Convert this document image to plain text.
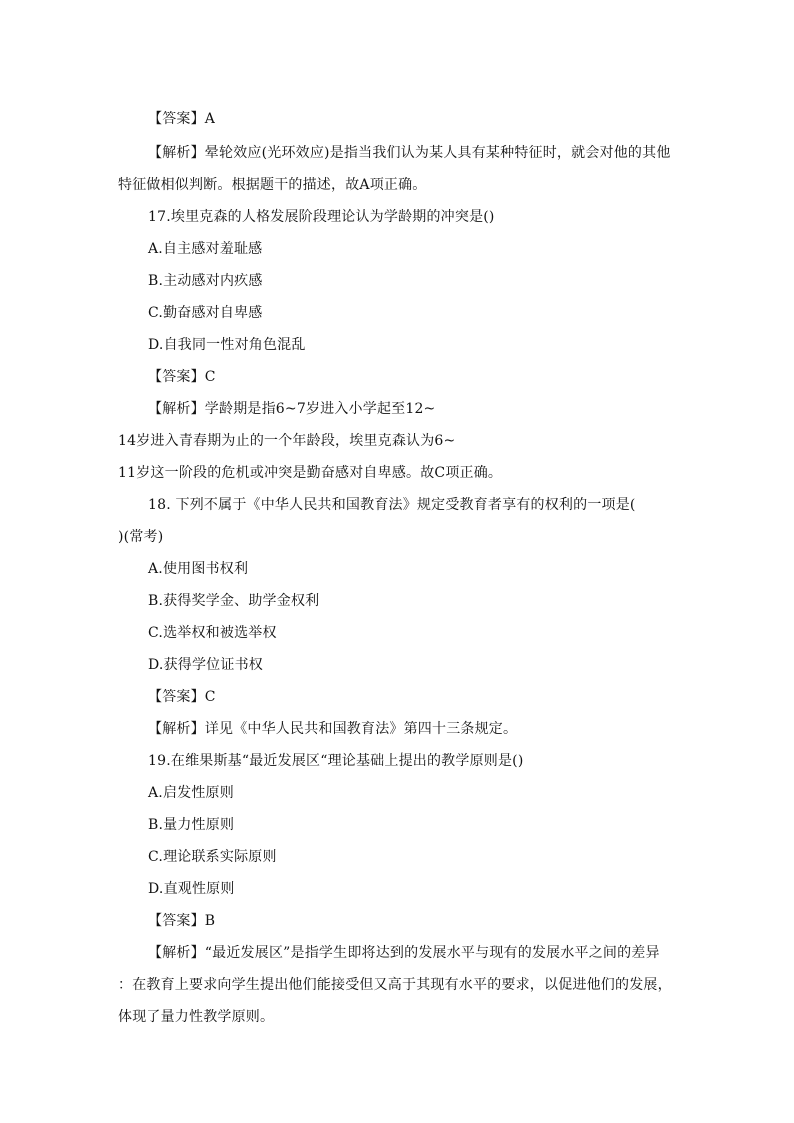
【答案】A
【解析】晕轮效应(光环效应)是指当我们认为某人具有某种特征时，就会对他的其他
特征做相似判断。根据题干的描述，故A项正确。
17.埃里克森的人格发展阶段理论认为学龄期的冲突是()
A.自主感对羞耻感
B.主动感对内疚感
C.勤奋感对自卑感
D.自我同一性对角色混乱
【答案】C
【解析】学龄期是指6~7岁进入小学起至12~
14岁进入青春期为止的一个年龄段，埃里克森认为6~
11岁这一阶段的危机或冲突是勤奋感对自卑感。故C项正确。
18. 下列不属于《中华人民共和国教育法》规定受教育者享有的权利的一项是(
)(常考)
A.使用图书权利
B.获得奖学金、助学金权利
C.选举权和被选举权
D.获得学位证书权
【答案】C
【解析】详见《中华人民共和国教育法》第四十三条规定。
19.在维果斯基“最近发展区“理论基础上提出的教学原则是()
A.启发性原则
B.量力性原则
C.理论联系实际原则
D.直观性原则
【答案】B
【解析】“最近发展区”是指学生即将达到的发展水平与现有的发展水平之间的差异
：在教育上要求向学生提出他们能接受但又高于其现有水平的要求，以促进他们的发展，
体现了量力性教学原则。
